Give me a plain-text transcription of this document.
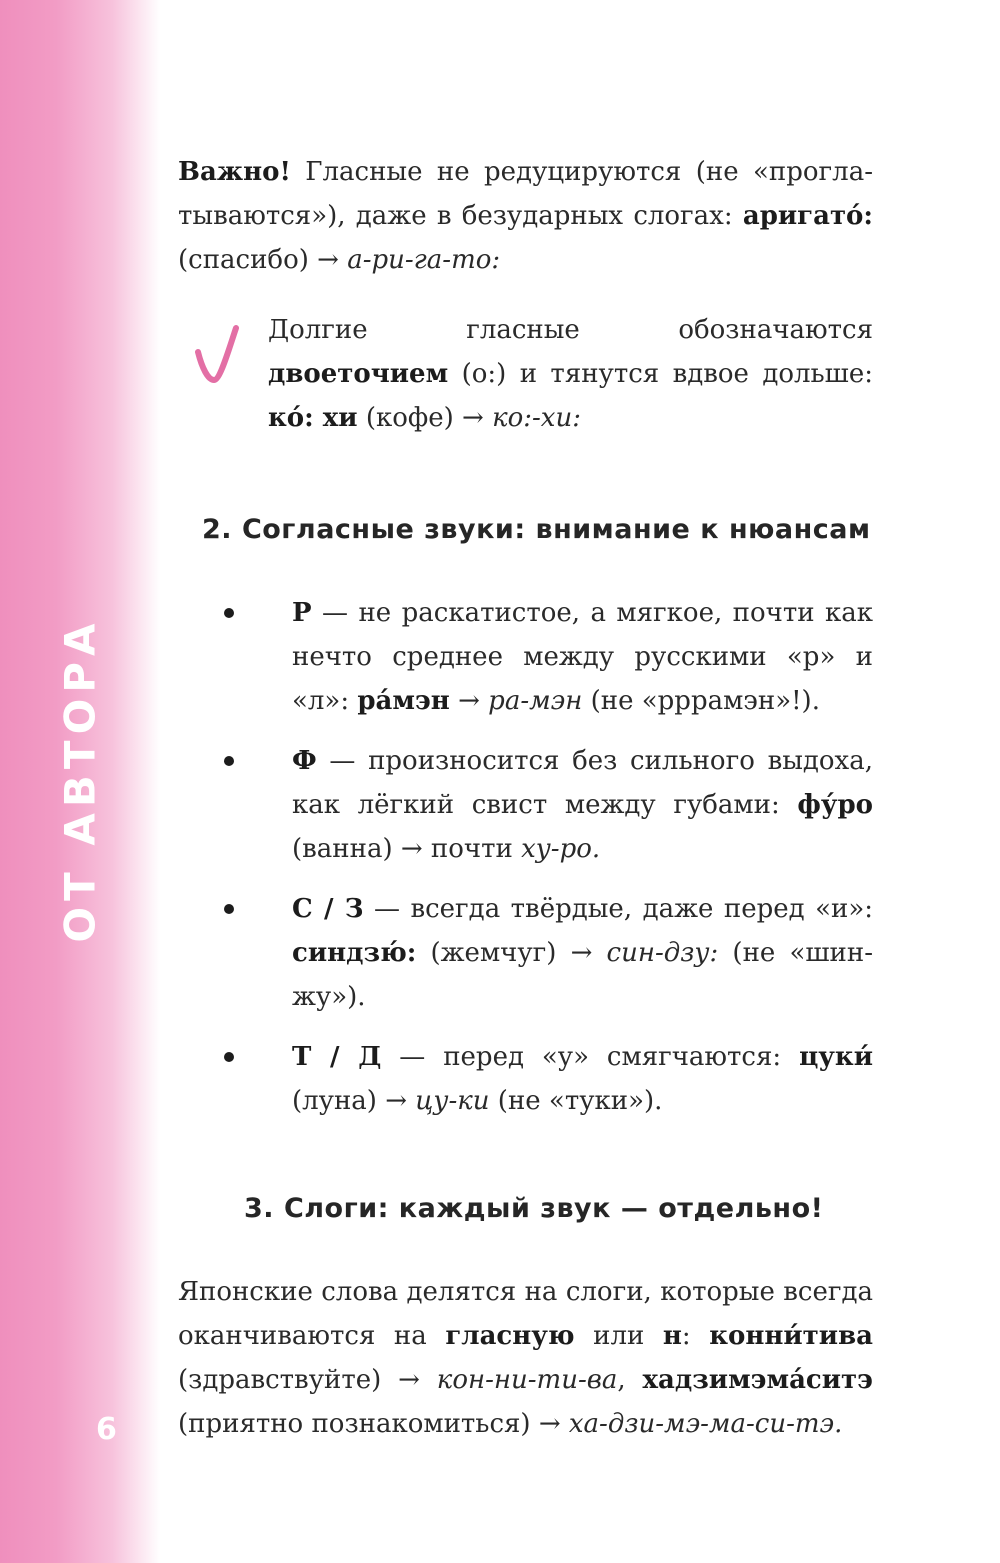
ОТ АВТОРА
6

Важно! Гласные не редуцируются (не «проглатываются»), даже в безударных слогах: аригато́: (спасибо) → а-ри-га-то:

Долгие гласные обозначаются двоеточием (о:) и тянутся вдвое дольше: ко́: хи (кофе) → ко:-хи:

2. Согласные звуки: внимание к нюансам

Р — не раскатистое, а мягкое, почти как нечто среднее между русскими «р» и «л»: ра́мэн → ра-мэн (не «рррамэн»!).

Ф — произносится без сильного выдоха, как лёгкий свист между губами: фу́ро (ванна) → почти ху-ро.

С / З — всегда твёрдые, даже перед «и»: синдзю́: (жемчуг) → син-дзу: (не «шинжу»).

Т / Д — перед «у» смягчаются: цуки́ (луна) → цу-ки (не «туки»).

3. Слоги: каждый звук — отдельно!

Японские слова делятся на слоги, которые всегда оканчиваются на гласную или н: конни́тива (здравствуйте) → кон-ни-ти-ва, хадзимэма́ситэ (приятно познакомиться) → ха-дзи-мэ-ма-си-тэ.
